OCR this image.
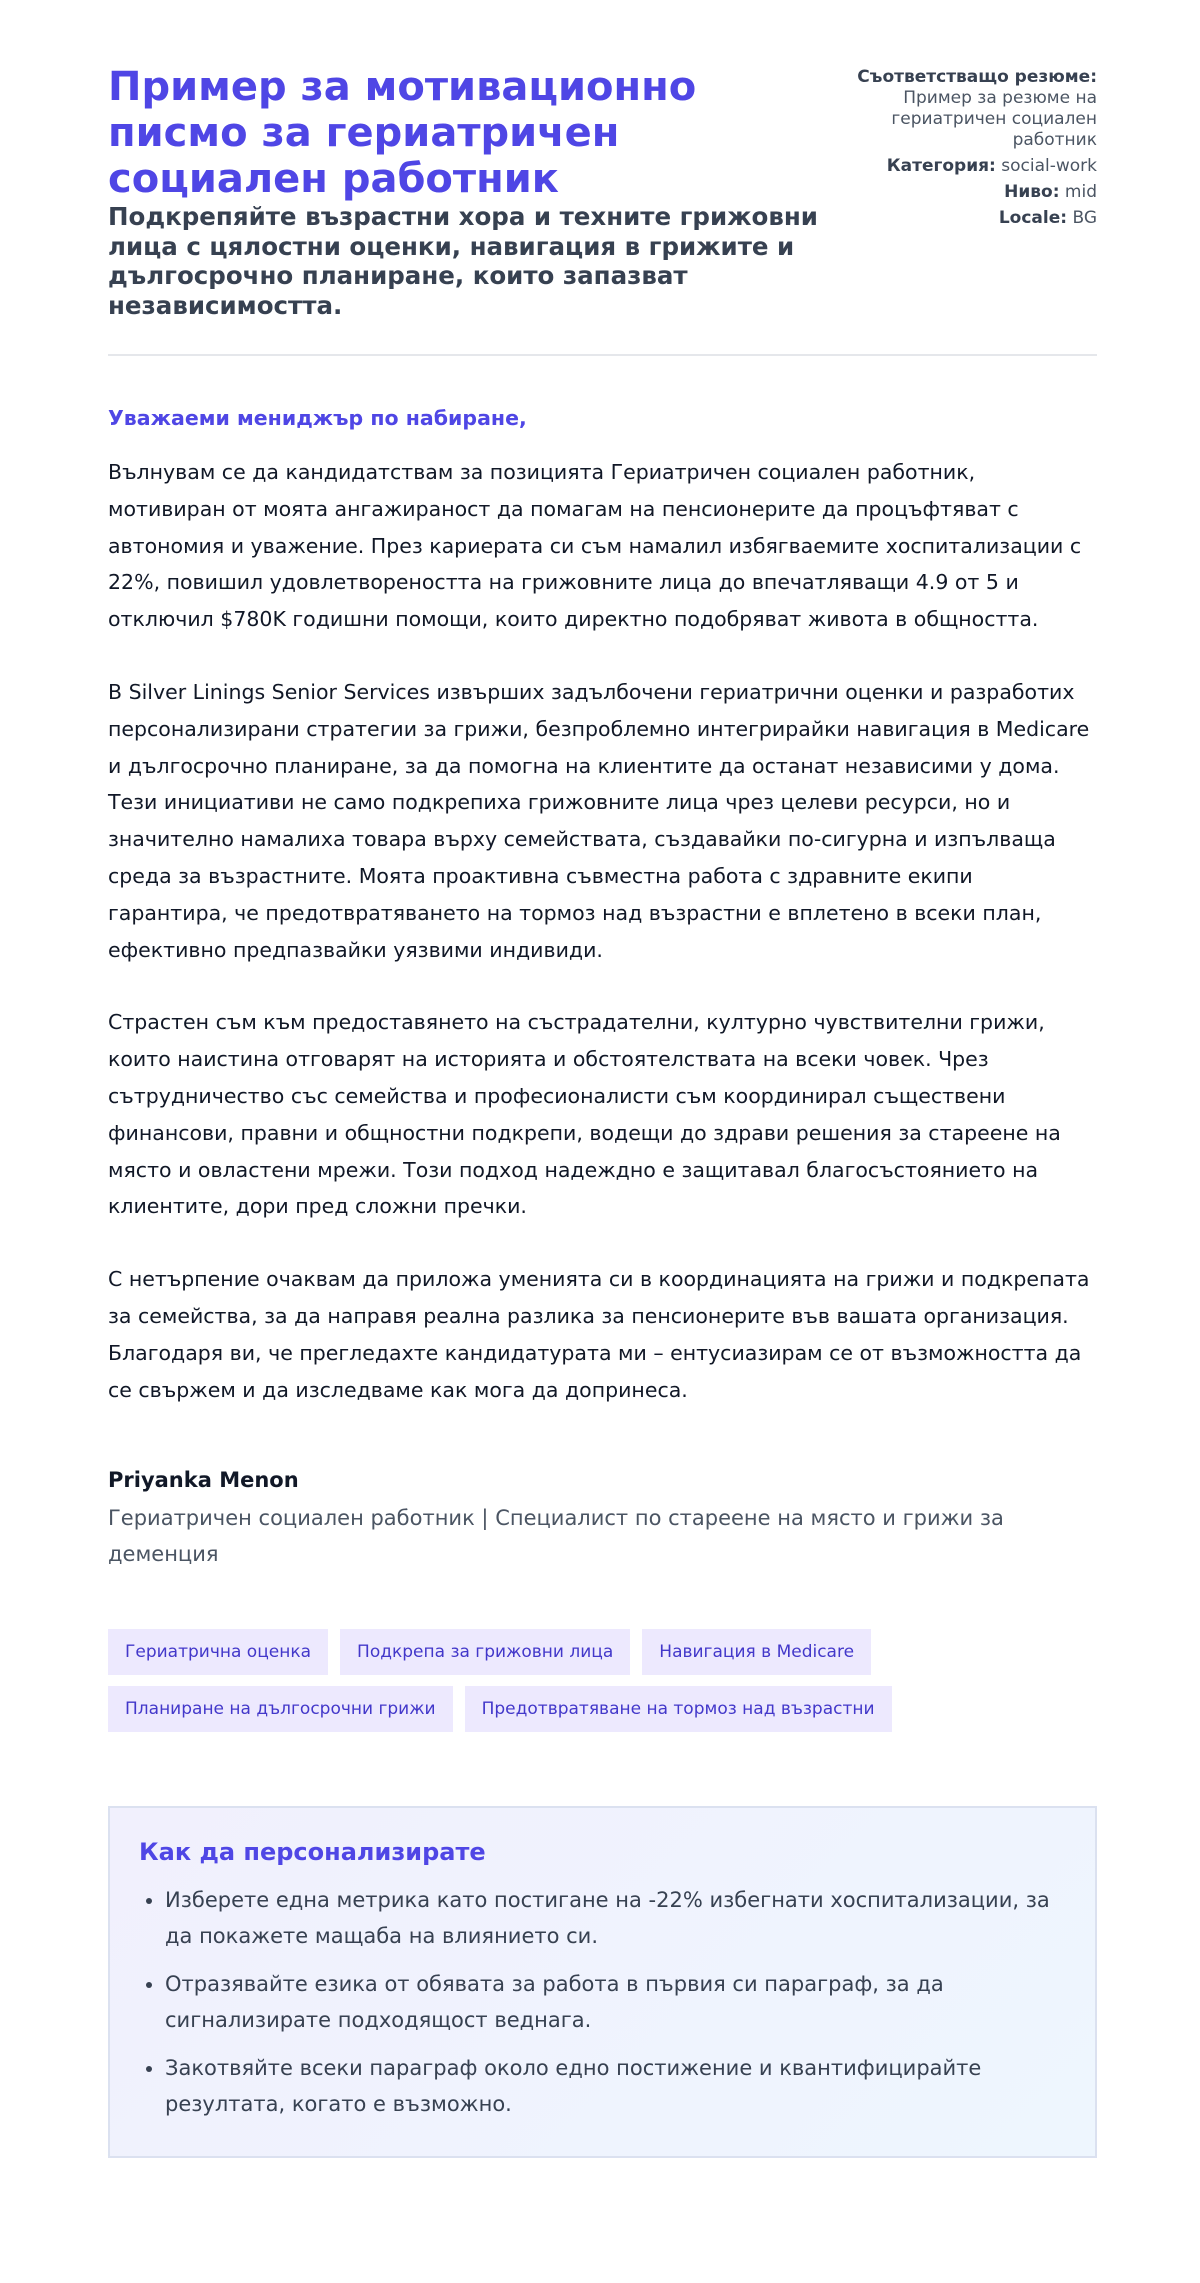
Пример за мотивационно писмо за гериатричен социален работник

Подкрепяйте възрастни хора и техните грижовни лица с цялостни оценки, навигация в грижите и дългосрочно планиране, които запазват независимостта.

Съответстващо резюме: Пример за резюме на гериатричен социален работник
Категория: social-work
Ниво: mid
Locale: BG

Уважаеми мениджър по набиране,

Вълнувам се да кандидатствам за позицията Гериатричен социален работник, мотивиран от моята ангажираност да помагам на пенсионерите да процъфтяват с автономия и уважение. През кариерата си съм намалил избягваемите хоспитализации с 22%, повишил удовлетвореността на грижовните лица до впечатляващи 4.9 от 5 и отключил $780K годишни помощи, които директно подобряват живота в общността.

В Silver Linings Senior Services извърших задълбочени гериатрични оценки и разработих персонализирани стратегии за грижи, безпроблемно интегрирайки навигация в Medicare и дългосрочно планиране, за да помогна на клиентите да останат независими у дома. Тези инициативи не само подкрепиха грижовните лица чрез целеви ресурси, но и значително намалиха товара върху семействата, създавайки по-сигурна и изпълваща среда за възрастните. Моята проактивна съвместна работа с здравните екипи гарантира, че предотвратяването на тормоз над възрастни е вплетено в всеки план, ефективно предпазвайки уязвими индивиди.

Страстен съм към предоставянето на състрадателни, културно чувствителни грижи, които наистина отговарят на историята и обстоятелствата на всеки човек. Чрез сътрудничество със семейства и професионалисти съм координирал съществени финансови, правни и общностни подкрепи, водещи до здрави решения за стареене на място и овластени мрежи. Този подход надеждно е защитавал благосъстоянието на клиентите, дори пред сложни пречки.

С нетърпение очаквам да приложа уменията си в координацията на грижи и подкрепата за семейства, за да направя реална разлика за пенсионерите във вашата организация. Благодаря ви, че прегледахте кандидатурата ми – ентусиазирам се от възможността да се свържем и да изследваме как мога да допринеса.

Priyanka Menon
Гериатричен социален работник | Специалист по стареене на място и грижи за деменция
Гериатрична оценка	Подкрепа за грижовни лица	Навигация в Medicare
Планиране на дългосрочни грижи	Предотвратяване на тормоз над възрастни
Как да персонализирате
• Изберете една метрика като постигане на -22% избегнати хоспитализации, за да покажете мащаба на влиянието си.
• Отразявайте езика от обявата за работа в първия си параграф, за да сигнализирате подходящост веднага.
• Закотвяйте всеки параграф около едно постижение и квантифицирайте резултата, когато е възможно.
